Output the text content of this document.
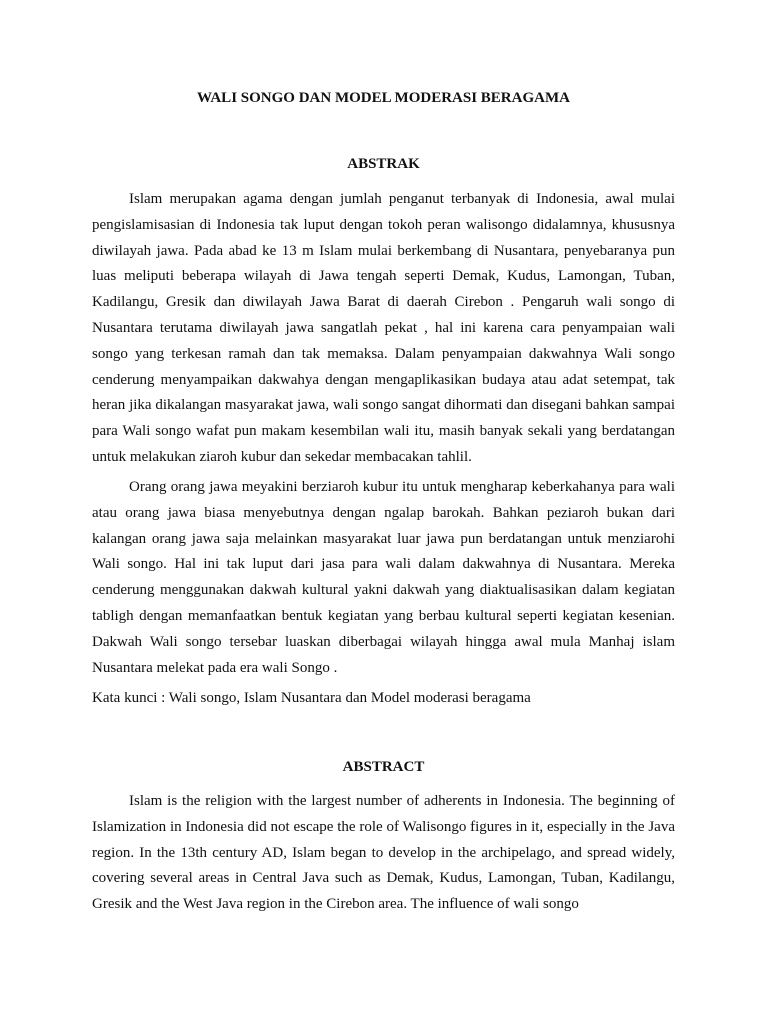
WALI SONGO DAN MODEL MODERASI BERAGAMA
ABSTRAK

Islam merupakan agama dengan jumlah penganut terbanyak di Indonesia, awal mulai pengislamisasian di Indonesia tak luput dengan tokoh peran walisongo didalamnya, khususnya diwilayah jawa. Pada abad ke 13 m Islam mulai berkembang di Nusantara, penyebaranya pun luas meliputi beberapa wilayah di Jawa tengah seperti Demak, Kudus, Lamongan, Tuban, Kadilangu, Gresik dan diwilayah Jawa Barat di daerah Cirebon . Pengaruh wali songo di Nusantara terutama diwilayah jawa sangatlah pekat , hal ini karena cara penyampaian wali songo yang terkesan ramah dan tak memaksa. Dalam penyampaian dakwahnya Wali songo cenderung menyampaikan dakwahya dengan mengaplikasikan budaya atau adat setempat, tak heran jika dikalangan masyarakat jawa, wali songo sangat dihormati dan disegani bahkan sampai para Wali songo wafat pun makam kesembilan wali itu, masih banyak sekali yang berdatangan untuk melakukan ziaroh kubur dan sekedar membacakan tahlil.

Orang orang jawa meyakini berziaroh kubur itu untuk mengharap keberkahanya para wali atau orang jawa biasa menyebutnya dengan ngalap barokah. Bahkan peziaroh bukan dari kalangan orang jawa saja melainkan masyarakat luar jawa pun berdatangan untuk menziarohi Wali songo. Hal ini tak luput dari jasa para wali dalam dakwahnya di Nusantara. Mereka cenderung menggunakan dakwah kultural yakni dakwah yang diaktualisasikan dalam kegiatan tabligh dengan memanfaatkan bentuk kegiatan yang berbau kultural seperti kegiatan kesenian. Dakwah Wali songo tersebar luaskan diberbagai wilayah hingga awal mula Manhaj islam Nusantara melekat pada era wali Songo .

Kata kunci : Wali songo, Islam Nusantara dan Model moderasi beragama

ABSTRACT

Islam is the religion with the largest number of adherents in Indonesia. The beginning of Islamization in Indonesia did not escape the role of Walisongo figures in it, especially in the Java region. In the 13th century AD, Islam began to develop in the archipelago, and spread widely, covering several areas in Central Java such as Demak, Kudus, Lamongan, Tuban, Kadilangu, Gresik and the West Java region in the Cirebon area. The influence of wali songo
